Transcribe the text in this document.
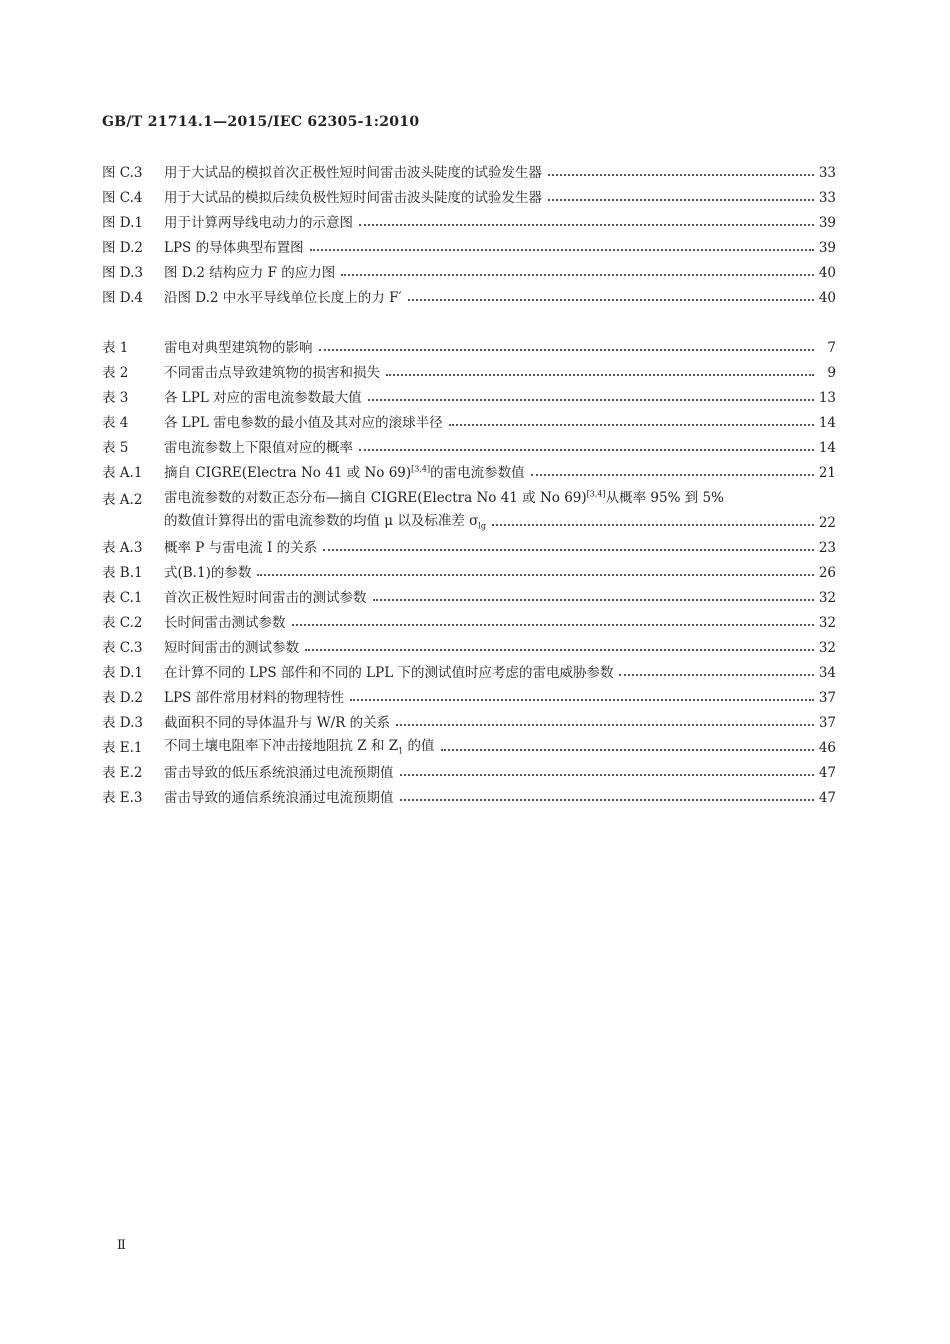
GB/T 21714.1—2015/IEC 62305-1:2010
图 C.3	用于大试品的模拟首次正极性短时间雷击波头陡度的试验发生器	33
图 C.4	用于大试品的模拟后续负极性短时间雷击波头陡度的试验发生器	33
图 D.1	用于计算两导线电动力的示意图	39
图 D.2	LPS 的导体典型布置图	39
图 D.3	图 D.2 结构应力 F 的应力图	40
图 D.4	沿图 D.2 中水平导线单位长度上的力 F′	40
表 1	雷电对典型建筑物的影响	7
表 2	不同雷击点导致建筑物的损害和损失	9
表 3	各 LPL 对应的雷电流参数最大值	13
表 4	各 LPL 雷电参数的最小值及其对应的滚球半径	14
表 5	雷电流参数上下限值对应的概率	14
表 A.1	摘自 CIGRE(Electra No 41 或 No 69)[3,4]的雷电流参数值	21
表 A.2	雷电流参数的对数正态分布—摘自 CIGRE(Electra No 41 或 No 69)[3,4]从概率 95% 到 5%
的数值计算得出的雷电流参数的均值 μ 以及标准差 $\sigma_{lg}$	22
表 A.3	概率 P 与雷电流 I 的关系	23
表 B.1	式(B.1)的参数	26
表 C.1	首次正极性短时间雷击的测试参数	32
表 C.2	长时间雷击测试参数	32
表 C.3	短时间雷击的测试参数	32
表 D.1	在计算不同的 LPS 部件和不同的 LPL 下的测试值时应考虑的雷电威胁参数	34
表 D.2	LPS 部件常用材料的物理特性	37
表 D.3	截面积不同的导体温升与 W/R 的关系	37
表 E.1	不同土壤电阻率下冲击接地阻抗 Z 和 $Z_1$ 的值	46
表 E.2	雷击导致的低压系统浪涌过电流预期值	47
表 E.3	雷击导致的通信系统浪涌过电流预期值	47
Ⅱ
